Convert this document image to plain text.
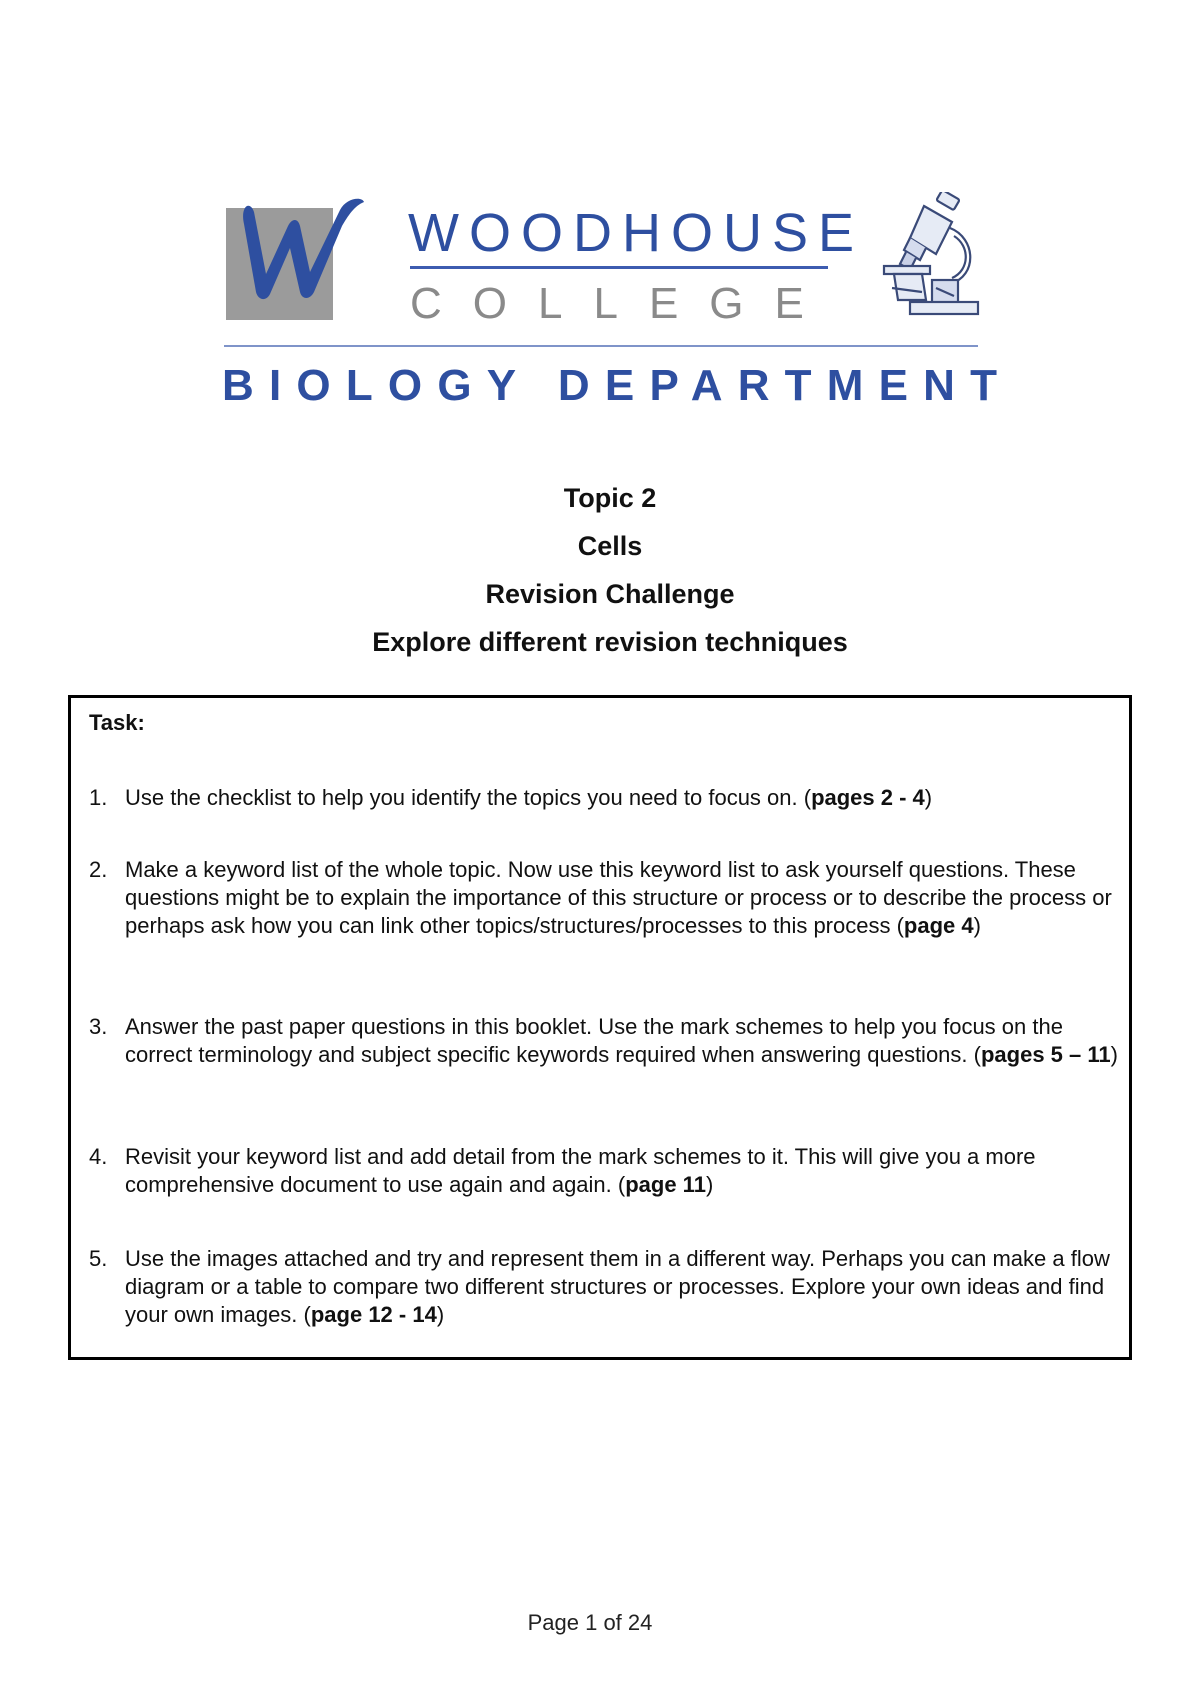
WOODHOUSE
COLLEGE
BIOLOGY DEPARTMENT
Topic 2
Cells
Revision Challenge
Explore different revision techniques
Task:
1. Use the checklist to help you identify the topics you need to focus on. (pages 2 - 4)
2. Make a keyword list of the whole topic. Now use this keyword list to ask yourself questions. These questions might be to explain the importance of this structure or process or to describe the process or perhaps ask how you can link other topics/structures/processes to this process (page 4)
3. Answer the past paper questions in this booklet. Use the mark schemes to help you focus on the correct terminology and subject specific keywords required when answering questions. (pages 5 – 11)
4. Revisit your keyword list and add detail from the mark schemes to it. This will give you a more comprehensive document to use again and again. (page 11)
5. Use the images attached and try and represent them in a different way. Perhaps you can make a flow diagram or a table to compare two different structures or processes. Explore your own ideas and find your own images. (page 12 - 14)
Page 1 of 24
